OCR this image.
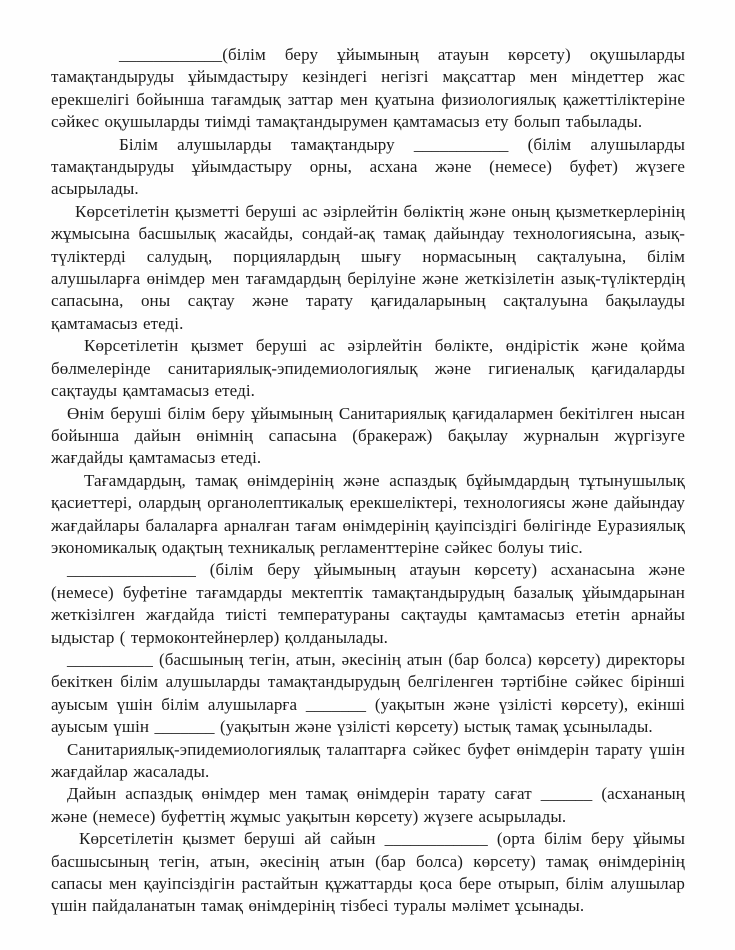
____________(білім беру ұйымының атауын көрсету) оқушыларды тамақтандыруды ұйымдастыру кезіндегі негізгі мақсаттар мен міндеттер жас ерекшелігі бойынша тағамдық заттар мен қуатына физиологиялық қажеттіліктеріне сәйкес оқушыларды тиімді тамақтандырумен қамтамасыз ету болып табылады.

Білім алушыларды тамақтандыру ___________ (білім алушыларды тамақтандыруды ұйымдастыру орны, асхана және (немесе) буфет) жүзеге асырылады.

Көрсетілетін қызметті беруші ас әзірлейтін бөліктің және оның қызметкерлерінің жұмысына басшылық жасайды, сондай-ақ тамақ дайындау технологиясына, азық-түліктерді салудың, порциялардың шығу нормасының сақталуына, білім алушыларға өнімдер мен тағамдардың берілуіне және жеткізілетін азық-түліктердің сапасына, оны сақтау және тарату қағидаларының сақталуына бақылауды қамтамасыз етеді.

Көрсетілетін қызмет беруші ас әзірлейтін бөлікте, өндірістік және қойма бөлмелерінде санитариялық-эпидемиологиялық және гигиеналық қағидаларды сақтауды қамтамасыз етеді.

Өнім беруші білім беру ұйымының Санитариялық қағидалармен бекітілген нысан бойынша дайын өнімнің сапасына (бракераж) бақылау журналын жүргізуге жағдайды қамтамасыз етеді.

Тағамдардың, тамақ өнімдерінің және аспаздық бұйымдардың тұтынушылық қасиеттері, олардың органолептикалық ерекшеліктері, технологиясы және дайындау жағдайлары балаларға арналған тағам өнімдерінің қауіпсіздігі бөлігінде Еуразиялық экономикалық одақтың техникалық регламенттеріне сәйкес болуы тиіс.

_______________ (білім беру ұйымының атауын көрсету) асханасына және (немесе) буфетіне тағамдарды мектептік тамақтандырудың базалық ұйымдарынан жеткізілген жағдайда тиісті температураны сақтауды қамтамасыз ететін арнайы ыдыстар ( термоконтейнерлер) қолданылады.

__________ (басшының тегін, атын, әкесінің атын (бар болса) көрсету) директоры бекіткен білім алушыларды тамақтандырудың белгіленген тәртібіне сәйкес бірінші ауысым үшін білім алушыларға _______ (уақытын және үзілісті көрсету), екінші ауысым үшін _______ (уақытын және үзілісті көрсету) ыстық тамақ ұсынылады.

Санитариялық-эпидемиологиялық талаптарға сәйкес буфет өнімдерін тарату үшін жағдайлар жасалады.

Дайын аспаздық өнімдер мен тамақ өнімдерін тарату сағат ______ (асхананың және (немесе) буфеттің жұмыс уақытын көрсету) жүзеге асырылады.

Көрсетілетін қызмет беруші ай сайын ____________ (орта білім беру ұйымы басшысының тегін, атын, әкесінің атын (бар болса) көрсету) тамақ өнімдерінің сапасы мен қауіпсіздігін растайтын құжаттарды қоса бере отырып, білім алушылар үшін пайдаланатын тамақ өнімдерінің тізбесі туралы мәлімет ұсынады.
